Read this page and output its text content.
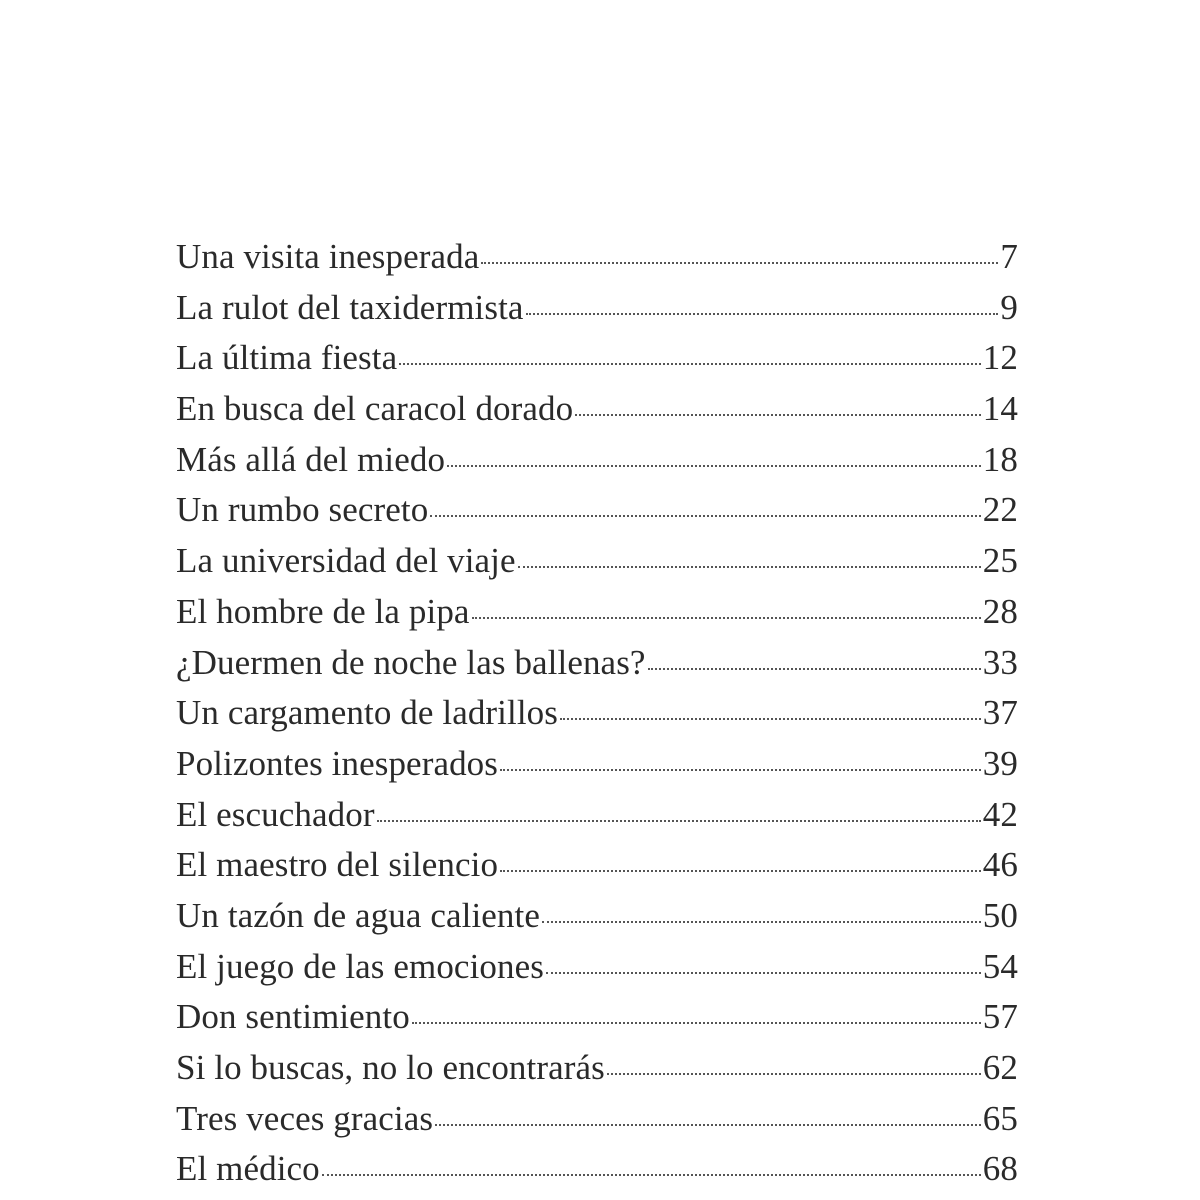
Una visita inesperada	7
La rulot del taxidermista	9
La última fiesta	12
En busca del caracol dorado	14
Más allá del miedo	18
Un rumbo secreto	22
La universidad del viaje	25
El hombre de la pipa	28
¿Duermen de noche las ballenas?	33
Un cargamento de ladrillos	37
Polizontes inesperados	39
El escuchador	42
El maestro del silencio	46
Un tazón de agua caliente	50
El juego de las emociones	54
Don sentimiento	57
Si lo buscas, no lo encontrarás	62
Tres veces gracias	65
El médico	68
